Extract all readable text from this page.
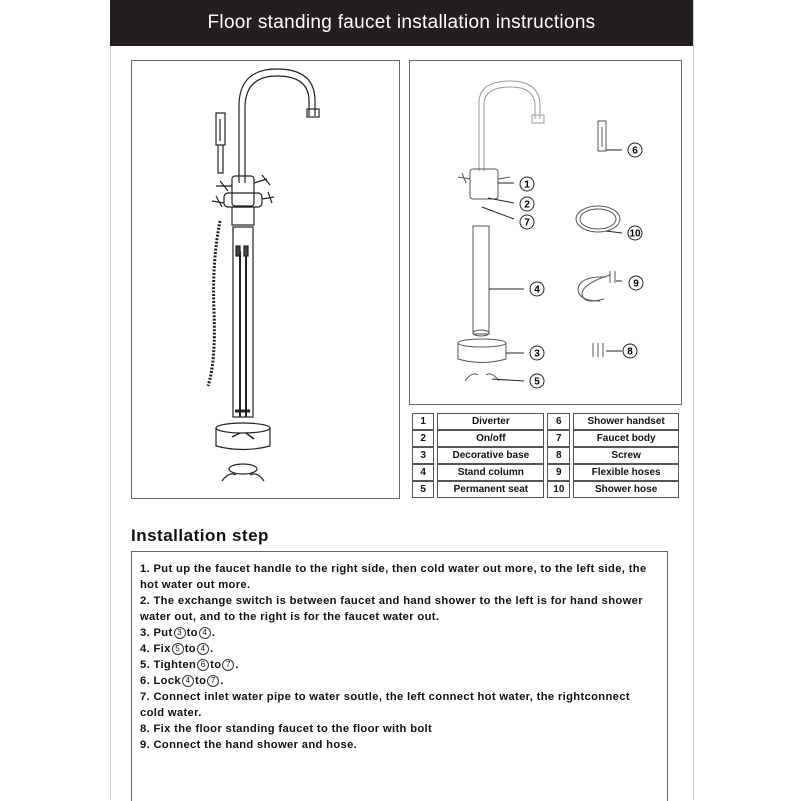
Floor standing faucet installation instructions
1
2
7
4
3
5
6
10
9
8
1	Diverter	6	Shower handset
2	On/off	7	Faucet body
3	Decorative base	8	Screw
4	Stand column	9	Flexible hoses
5	Permanent seat	10	Shower hose
Installation step

1. Put up the faucet handle to the right side, then cold water out more, to the left side, the hot water out more.

2. The exchange switch is between faucet and hand shower to the left is for hand shower water out, and to the right is for the faucet water out.

3. Put 3 to 4 .

4. Fix 5 to 4 .

5. Tighten 6 to 7 .

6. Lock 4 to 7 .

7. Connect inlet water pipe to water soutle, the left connect hot water, the rightconnect cold water.

8. Fix the floor standing faucet to the floor with bolt

9. Connect the hand shower and hose.
